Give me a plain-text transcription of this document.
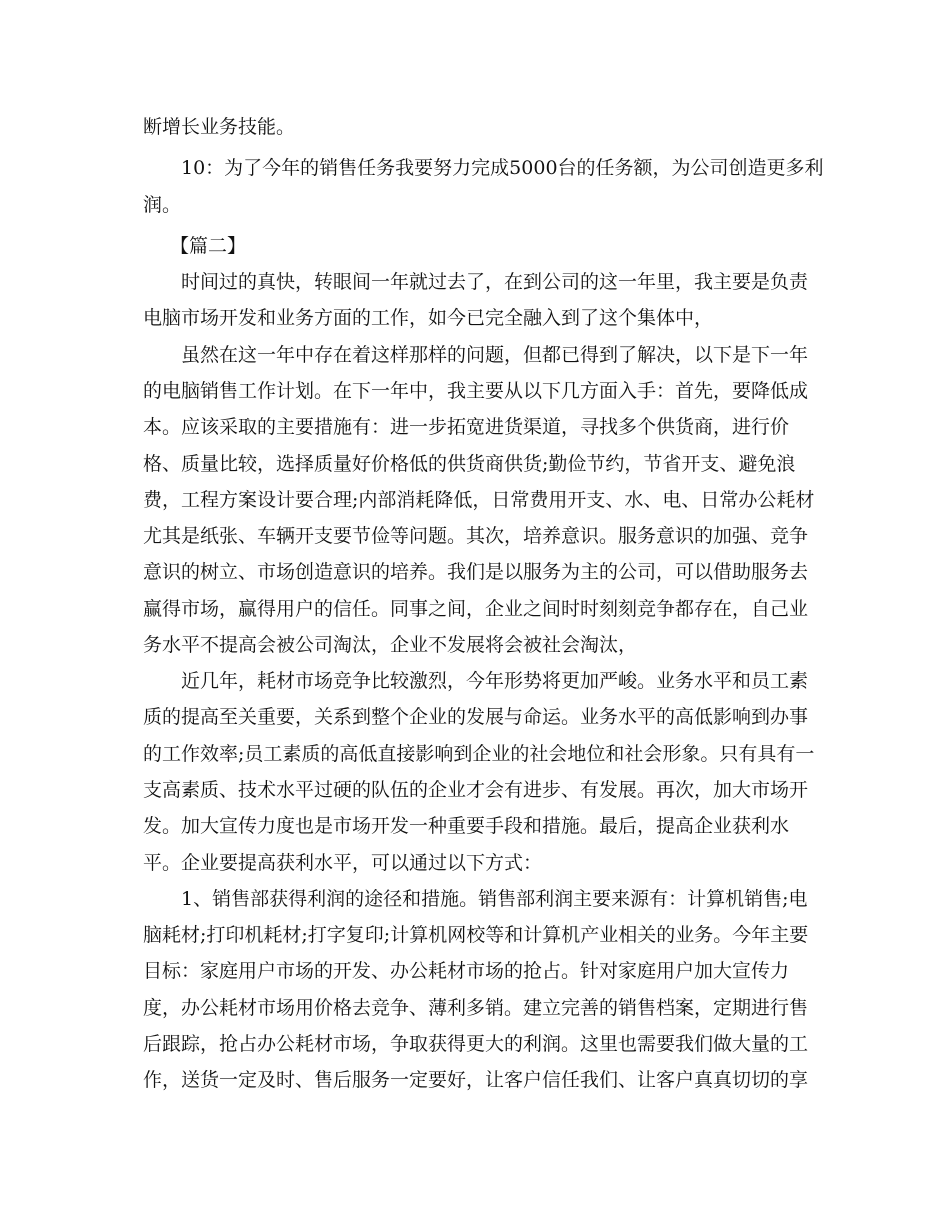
断增长业务技能。
10：为了今年的销售任务我要努力完成5000台的任务额，为公司创造更多利
润。
【篇二】
时间过的真快，转眼间一年就过去了，在到公司的这一年里，我主要是负责
电脑市场开发和业务方面的工作，如今已完全融入到了这个集体中，
虽然在这一年中存在着这样那样的问题，但都已得到了解决，以下是下一年
的电脑销售工作计划。在下一年中，我主要从以下几方面入手：首先，要降低成
本。应该采取的主要措施有：进一步拓宽进货渠道，寻找多个供货商，进行价
格、质量比较，选择质量好价格低的供货商供货;勤俭节约，节省开支、避免浪
费，工程方案设计要合理;内部消耗降低，日常费用开支、水、电、日常办公耗材
尤其是纸张、车辆开支要节俭等问题。其次，培养意识。服务意识的加强、竞争
意识的树立、市场创造意识的培养。我们是以服务为主的公司，可以借助服务去
赢得市场，赢得用户的信任。同事之间，企业之间时时刻刻竞争都存在，自己业
务水平不提高会被公司淘汰，企业不发展将会被社会淘汰，
近几年，耗材市场竞争比较激烈，今年形势将更加严峻。业务水平和员工素
质的提高至关重要，关系到整个企业的发展与命运。业务水平的高低影响到办事
的工作效率;员工素质的高低直接影响到企业的社会地位和社会形象。只有具有一
支高素质、技术水平过硬的队伍的企业才会有进步、有发展。再次，加大市场开
发。加大宣传力度也是市场开发一种重要手段和措施。最后，提高企业获利水
平。企业要提高获利水平，可以通过以下方式：
1、销售部获得利润的途径和措施。销售部利润主要来源有：计算机销售;电
脑耗材;打印机耗材;打字复印;计算机网校等和计算机产业相关的业务。今年主要
目标：家庭用户市场的开发、办公耗材市场的抢占。针对家庭用户加大宣传力
度，办公耗材市场用价格去竞争、薄利多销。建立完善的销售档案，定期进行售
后跟踪，抢占办公耗材市场，争取获得更大的利润。这里也需要我们做大量的工
作，送货一定及时、售后服务一定要好，让客户信任我们、让客户真真切切的享
